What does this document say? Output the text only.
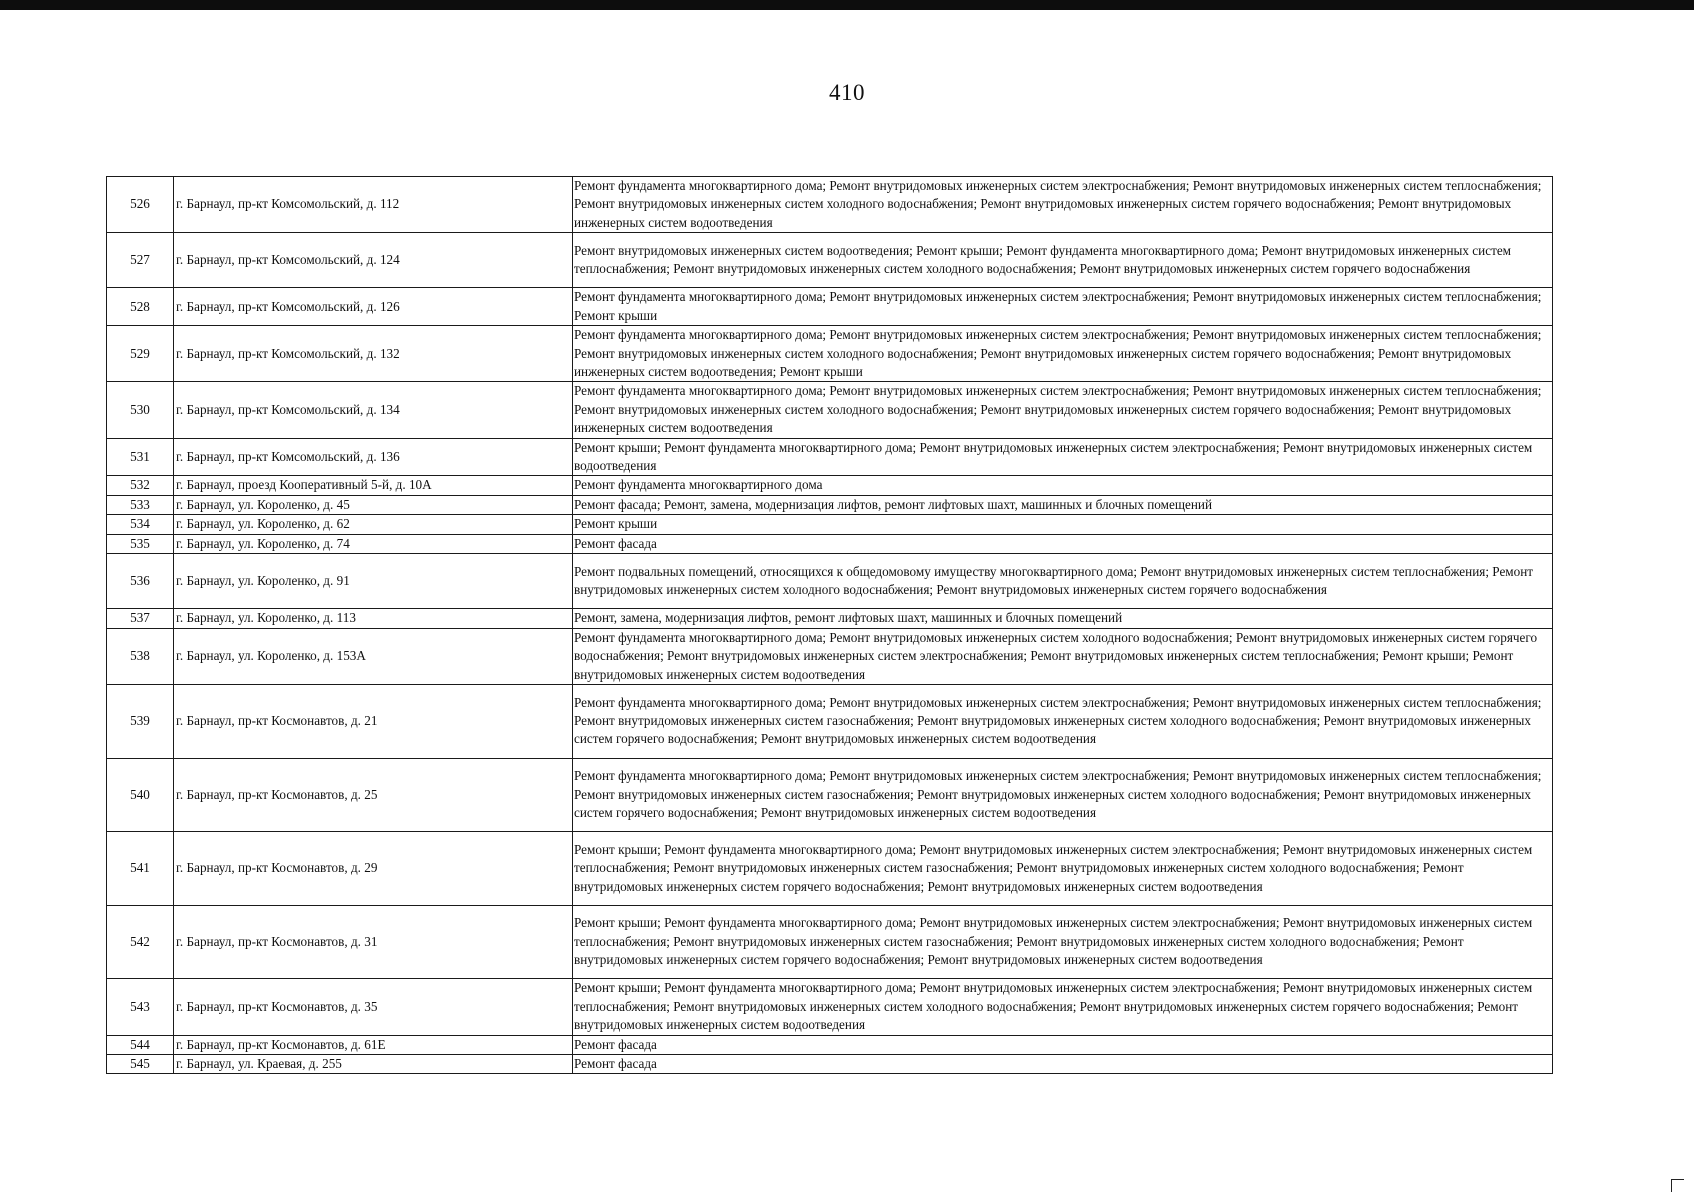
410
526	г. Барнаул, пр-кт Комсомольский, д. 112	Ремонт фундамента многоквартирного дома; Ремонт внутридомовых инженерных систем электроснабжения; Ремонт внутридомовых инженерных систем теплоснабжения; Ремонт внутридомовых инженерных систем холодного водоснабжения; Ремонт внутридомовых инженерных систем горячего водоснабжения; Ремонт внутридомовых инженерных систем водоотведения
527	г. Барнаул, пр-кт Комсомольский, д. 124	Ремонт внутридомовых инженерных систем водоотведения; Ремонт крыши; Ремонт фундамента многоквартирного дома; Ремонт внутридомовых инженерных систем теплоснабжения; Ремонт внутридомовых инженерных систем холодного водоснабжения; Ремонт внутридомовых инженерных систем горячего водоснабжения
528	г. Барнаул, пр-кт Комсомольский, д. 126	Ремонт фундамента многоквартирного дома; Ремонт внутридомовых инженерных систем электроснабжения; Ремонт внутридомовых инженерных систем теплоснабжения; Ремонт крыши
529	г. Барнаул, пр-кт Комсомольский, д. 132	Ремонт фундамента многоквартирного дома; Ремонт внутридомовых инженерных систем электроснабжения; Ремонт внутридомовых инженерных систем теплоснабжения; Ремонт внутридомовых инженерных систем холодного водоснабжения; Ремонт внутридомовых инженерных систем горячего водоснабжения; Ремонт внутридомовых инженерных систем водоотведения; Ремонт крыши
530	г. Барнаул, пр-кт Комсомольский, д. 134	Ремонт фундамента многоквартирного дома; Ремонт внутридомовых инженерных систем электроснабжения; Ремонт внутридомовых инженерных систем теплоснабжения; Ремонт внутридомовых инженерных систем холодного водоснабжения; Ремонт внутридомовых инженерных систем горячего водоснабжения; Ремонт внутридомовых инженерных систем водоотведения
531	г. Барнаул, пр-кт Комсомольский, д. 136	Ремонт крыши; Ремонт фундамента многоквартирного дома; Ремонт внутридомовых инженерных систем электроснабжения; Ремонт внутридомовых инженерных систем водоотведения
532	г. Барнаул, проезд Кооперативный 5-й, д. 10А	Ремонт фундамента многоквартирного дома
533	г. Барнаул, ул. Короленко, д. 45	Ремонт фасада; Ремонт, замена, модернизация лифтов, ремонт лифтовых шахт, машинных и блочных помещений
534	г. Барнаул, ул. Короленко, д. 62	Ремонт крыши
535	г. Барнаул, ул. Короленко, д. 74	Ремонт фасада
536	г. Барнаул, ул. Короленко, д. 91	Ремонт подвальных помещений, относящихся к общедомовому имуществу многоквартирного дома; Ремонт внутридомовых инженерных систем теплоснабжения; Ремонт внутридомовых инженерных систем холодного водоснабжения; Ремонт внутридомовых инженерных систем горячего водоснабжения
537	г. Барнаул, ул. Короленко, д. 113	Ремонт, замена, модернизация лифтов, ремонт лифтовых шахт, машинных и блочных помещений
538	г. Барнаул, ул. Короленко, д. 153А	Ремонт фундамента многоквартирного дома; Ремонт внутридомовых инженерных систем холодного водоснабжения; Ремонт внутридомовых инженерных систем горячего водоснабжения; Ремонт внутридомовых инженерных систем электроснабжения; Ремонт внутридомовых инженерных систем теплоснабжения; Ремонт крыши; Ремонт внутридомовых инженерных систем водоотведения
539	г. Барнаул, пр-кт Космонавтов, д. 21	Ремонт фундамента многоквартирного дома; Ремонт внутридомовых инженерных систем электроснабжения; Ремонт внутридомовых инженерных систем теплоснабжения; Ремонт внутридомовых инженерных систем газоснабжения; Ремонт внутридомовых инженерных систем холодного водоснабжения; Ремонт внутридомовых инженерных систем горячего водоснабжения; Ремонт внутридомовых инженерных систем водоотведения
540	г. Барнаул, пр-кт Космонавтов, д. 25	Ремонт фундамента многоквартирного дома; Ремонт внутридомовых инженерных систем электроснабжения; Ремонт внутридомовых инженерных систем теплоснабжения; Ремонт внутридомовых инженерных систем газоснабжения; Ремонт внутридомовых инженерных систем холодного водоснабжения; Ремонт внутридомовых инженерных систем горячего водоснабжения; Ремонт внутридомовых инженерных систем водоотведения
541	г. Барнаул, пр-кт Космонавтов, д. 29	Ремонт крыши; Ремонт фундамента многоквартирного дома; Ремонт внутридомовых инженерных систем электроснабжения; Ремонт внутридомовых инженерных систем теплоснабжения; Ремонт внутридомовых инженерных систем газоснабжения; Ремонт внутридомовых инженерных систем холодного водоснабжения; Ремонт внутридомовых инженерных систем горячего водоснабжения; Ремонт внутридомовых инженерных систем водоотведения
542	г. Барнаул, пр-кт Космонавтов, д. 31	Ремонт крыши; Ремонт фундамента многоквартирного дома; Ремонт внутридомовых инженерных систем электроснабжения; Ремонт внутридомовых инженерных систем теплоснабжения; Ремонт внутридомовых инженерных систем газоснабжения; Ремонт внутридомовых инженерных систем холодного водоснабжения; Ремонт внутридомовых инженерных систем горячего водоснабжения; Ремонт внутридомовых инженерных систем водоотведения
543	г. Барнаул, пр-кт Космонавтов, д. 35	Ремонт крыши; Ремонт фундамента многоквартирного дома; Ремонт внутридомовых инженерных систем электроснабжения; Ремонт внутридомовых инженерных систем теплоснабжения; Ремонт внутридомовых инженерных систем холодного водоснабжения; Ремонт внутридомовых инженерных систем горячего водоснабжения; Ремонт внутридомовых инженерных систем водоотведения
544	г. Барнаул, пр-кт Космонавтов, д. 61Е	Ремонт фасада
545	г. Барнаул, ул. Краевая, д. 255	Ремонт фасада
